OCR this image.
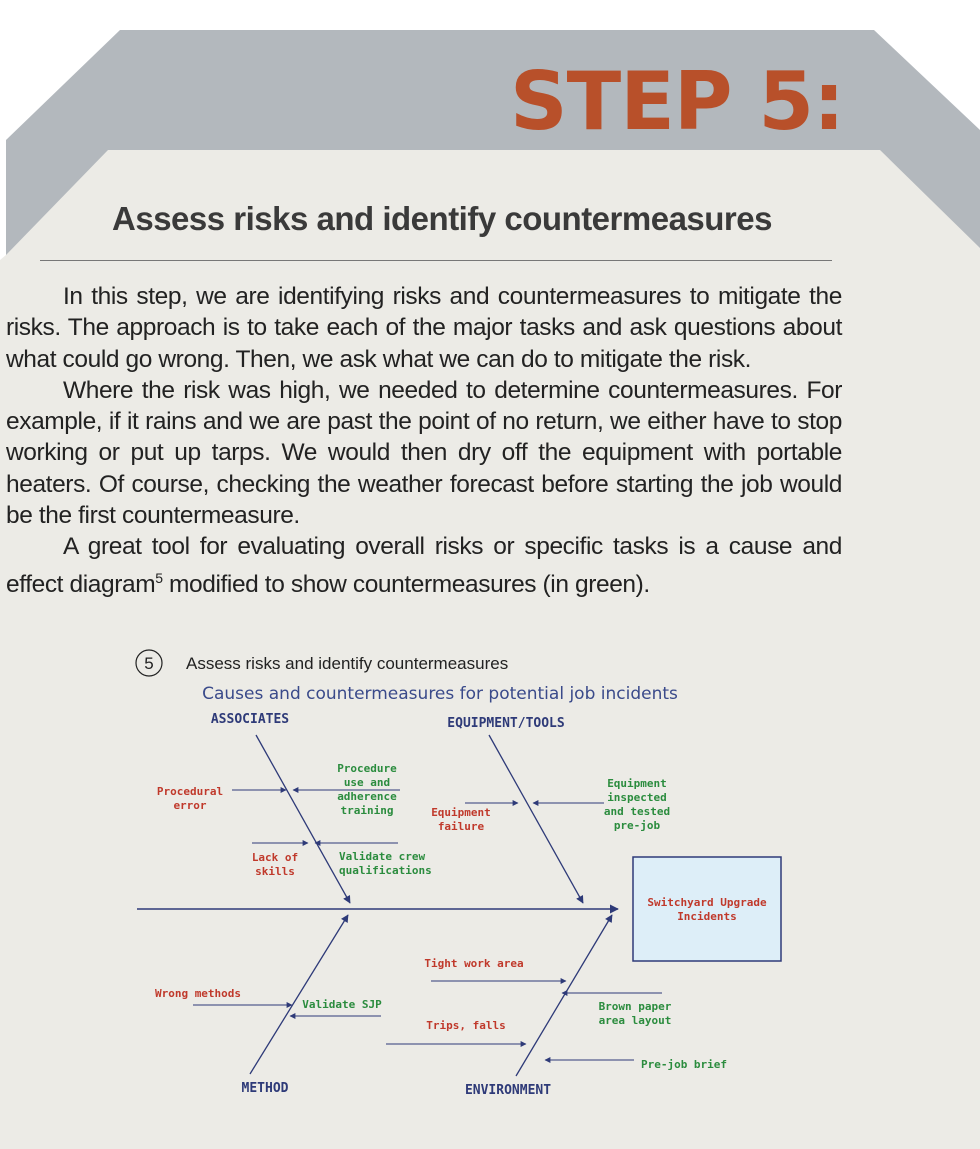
STEP 5:
Assess risks and identify countermeasures

In this step, we are identifying risks and countermeasures to mitigate the risks. The approach is to take each of the major tasks and ask questions about what could go wrong. Then, we ask what we can do to mitigate the risk.

Where the risk was high, we needed to determine countermeasures. For example, if it rains and we are past the point of no return, we either have to stop working or put up tarps. We would then dry off the equipment with portable heaters. Of course, checking the weather forecast before starting the job would be the first countermeasure.

A great tool for evaluating overall risks or specific tasks is a cause and effect diagram$^5$ modified to show countermeasures (in green).

5 Assess risks and identify countermeasures
Causes and countermeasures for potential job incidents
ASSOCIATES	EQUIPMENT/TOOLS
METHOD	ENVIRONMENT
Switchyard Upgrade
Incidents
Procedural
error
Procedure
use and
adherence
training
Lack of
skills
Validate crew
qualifications
Equipment
failure
Equipment
inspected
and tested
pre-job
Wrong methods
Validate SJP
Tight work area
Brown paper
area layout
Trips, falls
Pre-job brief
